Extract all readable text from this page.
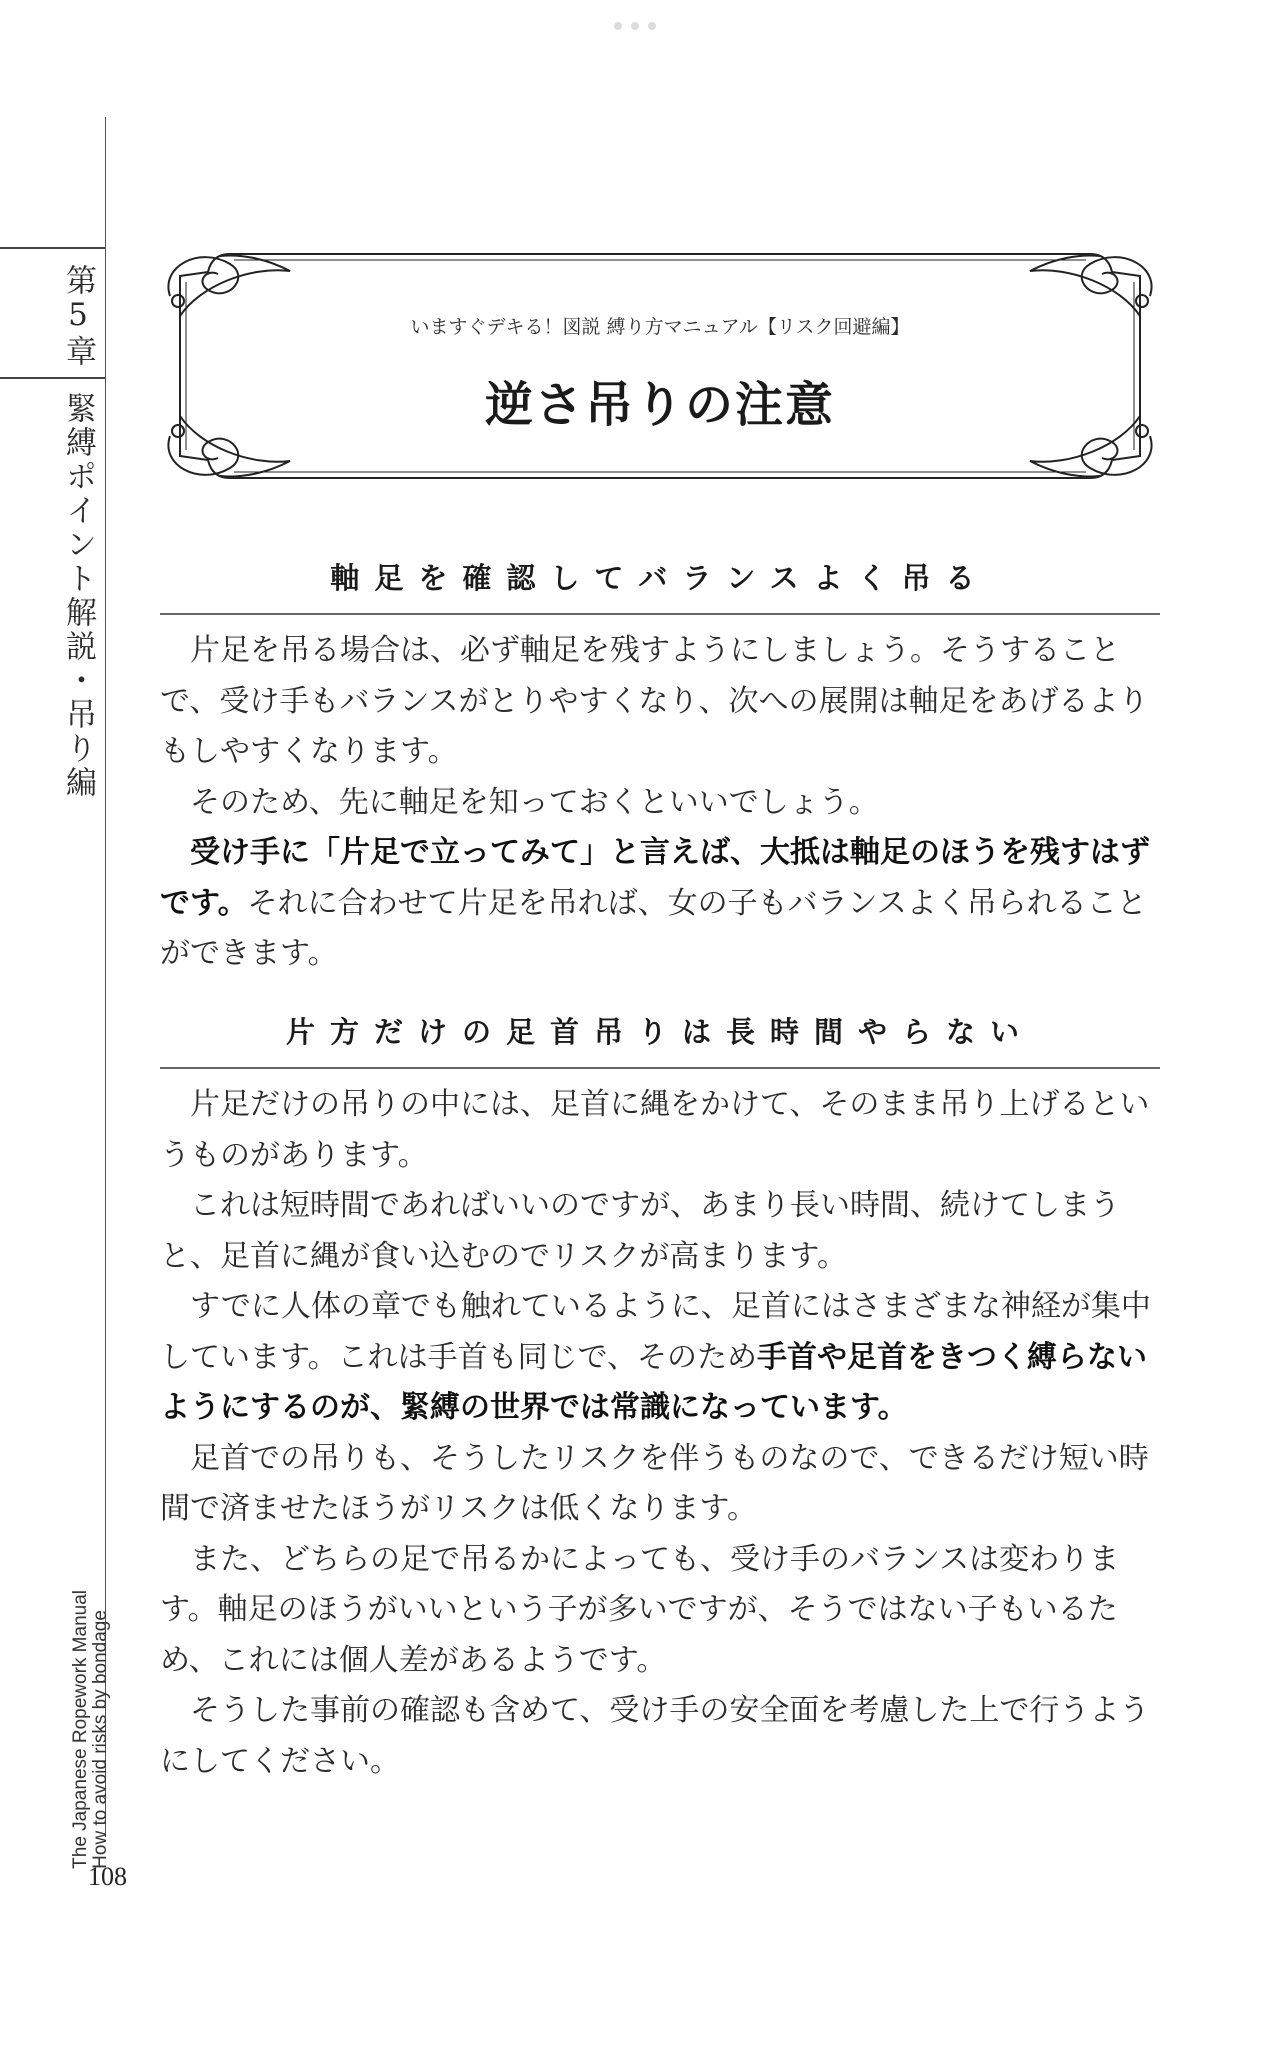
第5章
緊縛ポイント解説・吊り編
The Japanese Ropework Manual How to avoid risks by bondage
108
いますぐデキる！図説 縛り方マニュアル【リスク回避編】
逆さ吊りの注意
軸足を確認してバランスよく吊る

片足を吊る場合は、必ず軸足を残すようにしましょう。そうすることで、受け手もバランスがとりやすくなり、次への展開は軸足をあげるよりもしやすくなります。

そのため、先に軸足を知っておくといいでしょう。

受け手に「片足で立ってみて」と言えば、大抵は軸足のほうを残すはずです。それに合わせて片足を吊れば、女の子もバランスよく吊られることができます。

片方だけの足首吊りは長時間やらない

片足だけの吊りの中には、足首に縄をかけて、そのまま吊り上げるというものがあります。

これは短時間であればいいのですが、あまり長い時間、続けてしまうと、足首に縄が食い込むのでリスクが高まります。

すでに人体の章でも触れているように、足首にはさまざまな神経が集中しています。これは手首も同じで、そのため手首や足首をきつく縛らないようにするのが、緊縛の世界では常識になっています。

足首での吊りも、そうしたリスクを伴うものなので、できるだけ短い時間で済ませたほうがリスクは低くなります。

また、どちらの足で吊るかによっても、受け手のバランスは変わります。軸足のほうがいいという子が多いですが、そうではない子もいるため、これには個人差があるようです。

そうした事前の確認も含めて、受け手の安全面を考慮した上で行うようにしてください。
